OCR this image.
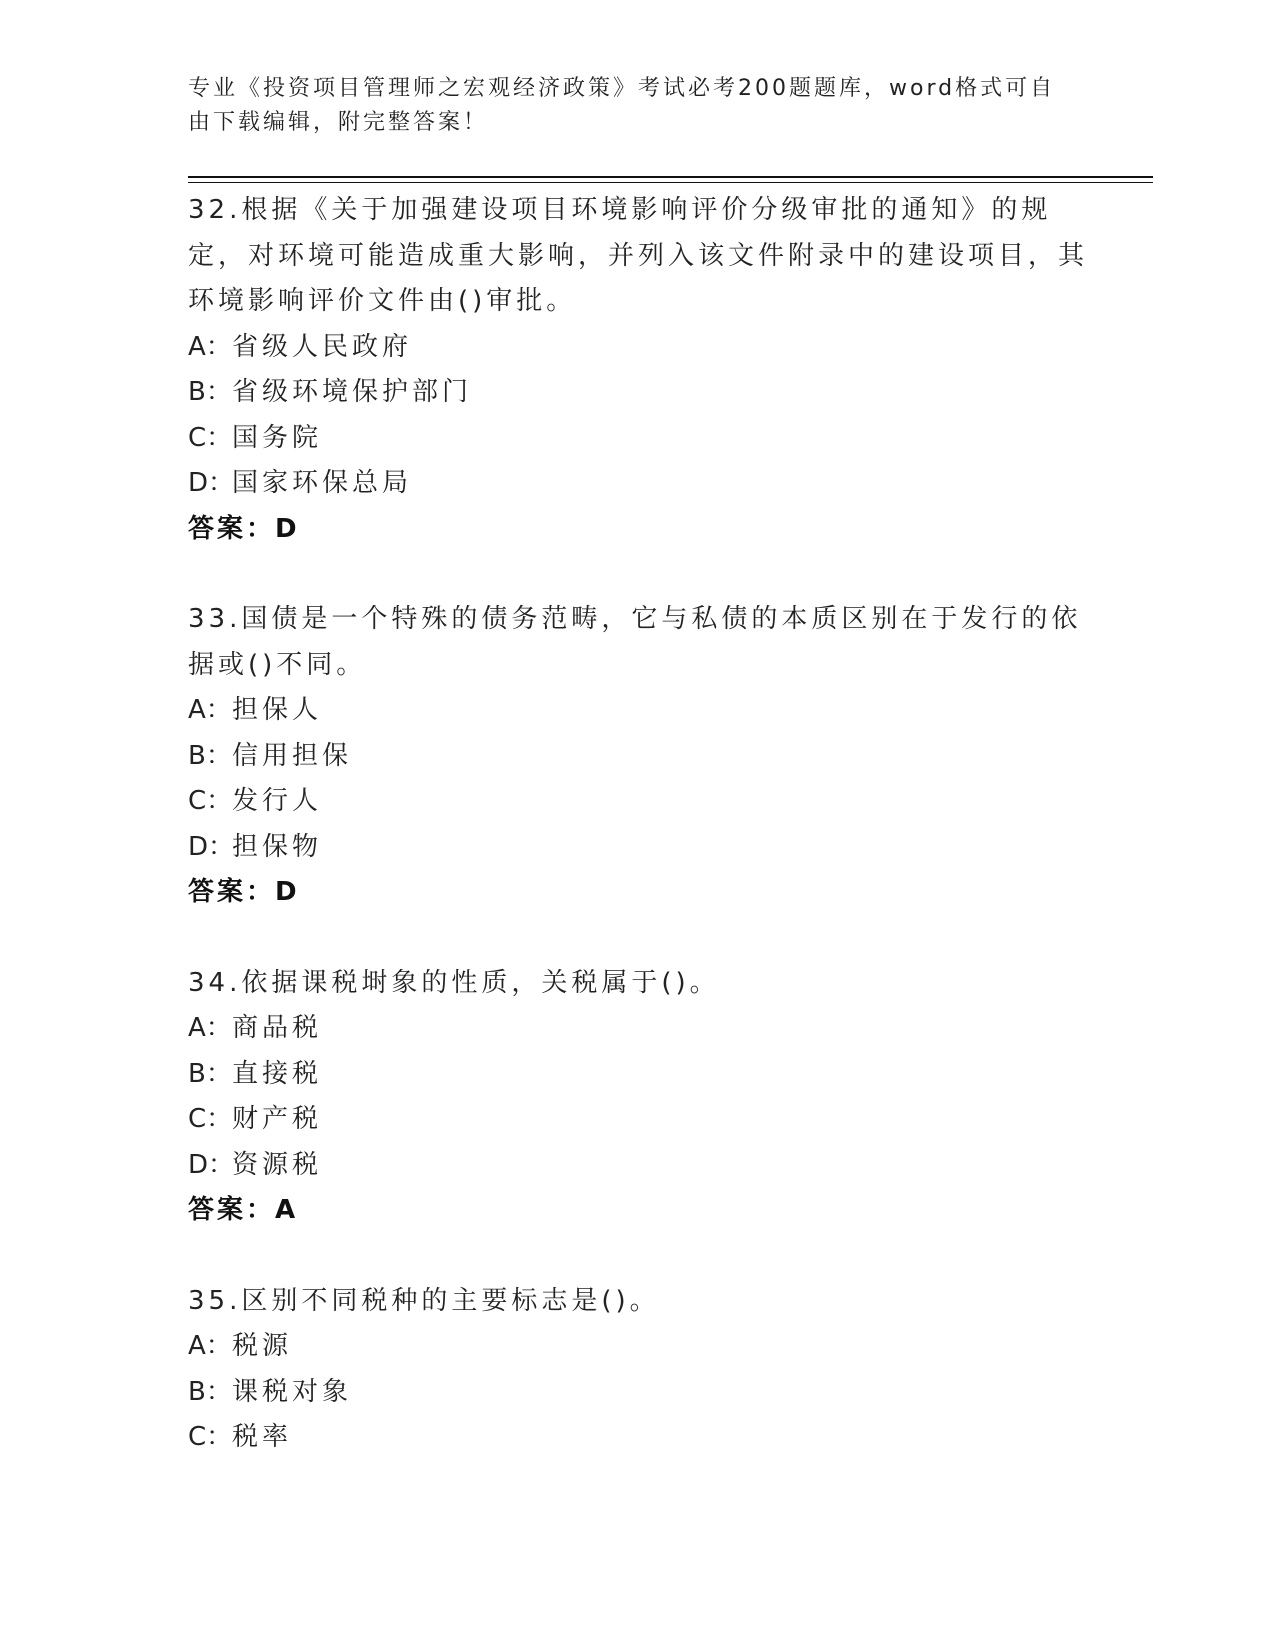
专业《投资项目管理师之宏观经济政策》考试必考200题题库，word格式可自由下载编辑，附完整答案！
32.根据《关于加强建设项目环境影响评价分级审批的通知》的规定，对环境可能造成重大影响，并列入该文件附录中的建设项目，其环境影响评价文件由()审批。
A：省级人民政府
B：省级环境保护部门
C：国务院
D：国家环保总局
答案：D
33.国债是一个特殊的债务范畴，它与私债的本质区别在于发行的依据或()不同。
A：担保人
B：信用担保
C：发行人
D：担保物
答案：D
34.依据课税埘象的性质，关税属于()。
A：商品税
B：直接税
C：财产税
D：资源税
答案：A
35.区别不同税种的主要标志是()。
A：税源
B：课税对象
C：税率
